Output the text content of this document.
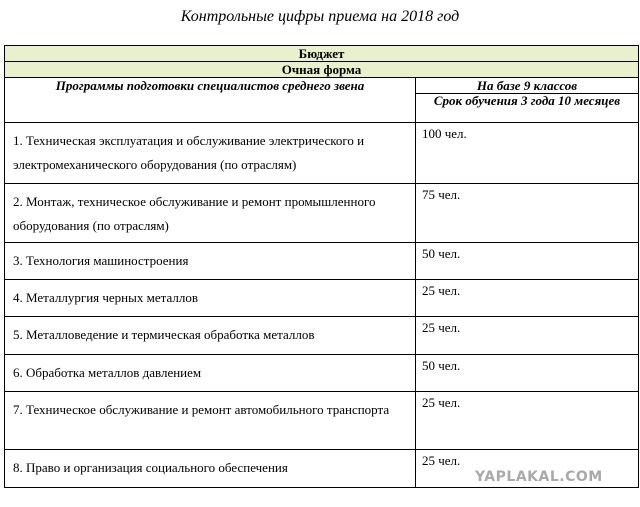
Контрольные цифры приема на 2018 год
Бюджет	
Очная форма	
Программы подготовки специалистов среднего звена	На базе 9 классов
	Срок обучения 3 года 10 месяцев
1. Техническая эксплуатация и обслуживание электрического и электромеханического оборудования (по отраслям)	100 чел.
2. Монтаж, техническое обслуживание и ремонт промышленного оборудования (по отраслям)	75 чел.
3. Технология машиностроения	50 чел.
4. Металлургия черных металлов	25 чел.
5. Металловедение и термическая обработка металлов	25 чел.
6. Обработка металлов давлением	50 чел.
7. Техническое обслуживание и ремонт автомобильного транспорта	25 чел.
8. Право и организация социального обеспечения	25 чел.
YAPLAKAL.COM
